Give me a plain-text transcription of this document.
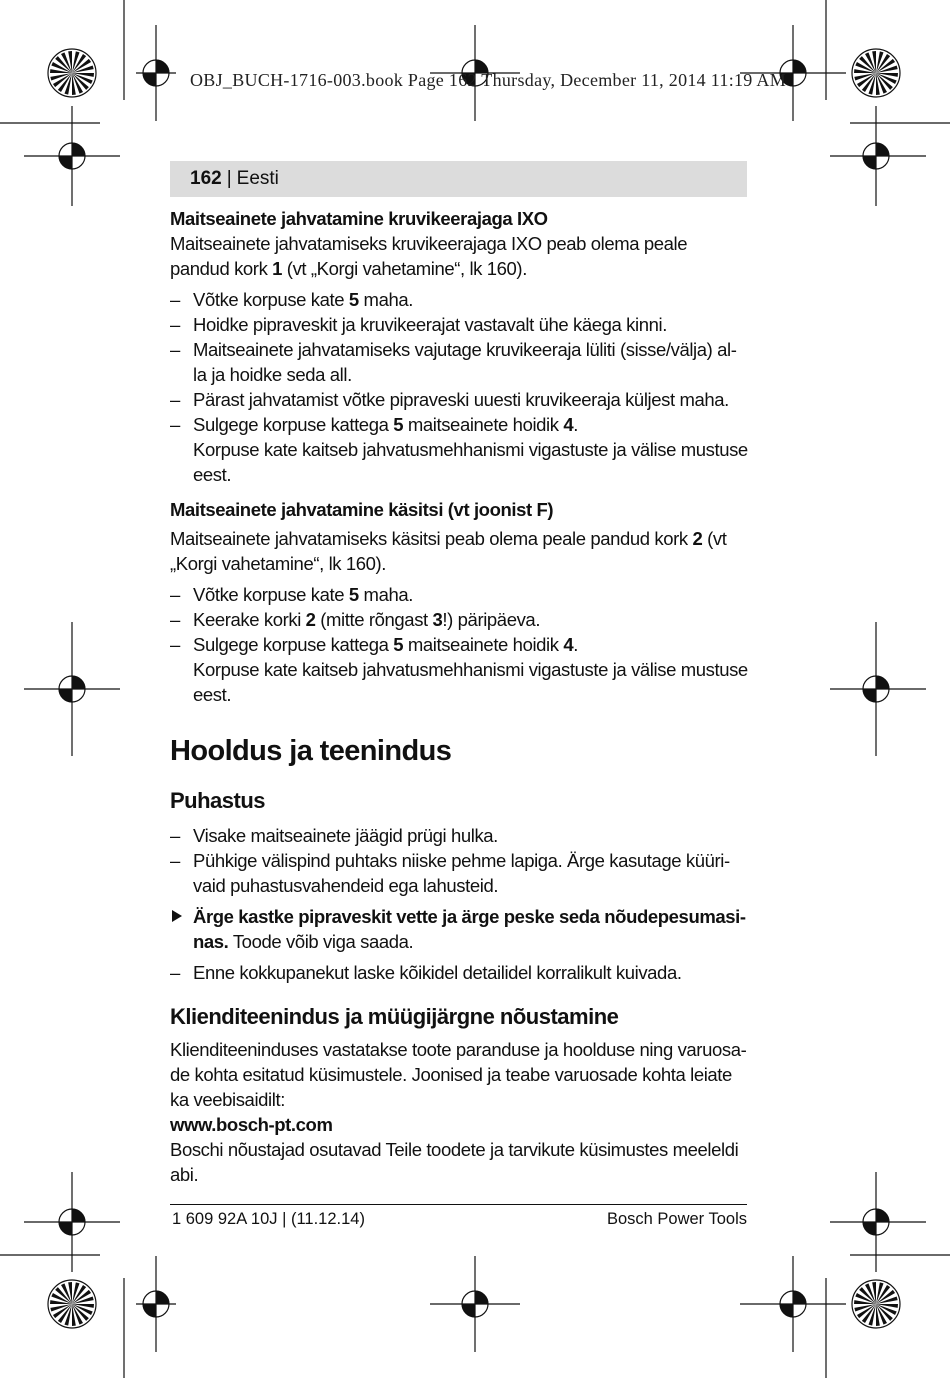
OBJ_BUCH-1716-003.book Page 162 Thursday, December 11, 2014 11:19 AM
162 | Eesti

Maitseainete jahvatamine kruvikeerajaga IXO

Maitseainete jahvatamiseks kruvikeerajaga IXO peab olema peale pandud kork 1 (vt „Korgi vahetamine“, lk 160).

– Võtke korpuse kate 5 maha.
– Hoidke pipraveskit ja kruvikeerajat vastavalt ühe käega kinni.
– Maitseainete jahvatamiseks vajutage kruvikeeraja lüliti (sisse/välja) al-la ja hoidke seda all.
– Pärast jahvatamist võtke pipraveski uuesti kruvikeeraja küljest maha.
– Sulgege korpuse kattega 5 maitseainete hoidik 4.
Korpuse kate kaitseb jahvatusmehhanismi vigastuste ja välise mustuse eest.

Maitseainete jahvatamine käsitsi (vt joonist F)

Maitseainete jahvatamiseks käsitsi peab olema peale pandud kork 2 (vt „Korgi vahetamine“, lk 160).

– Võtke korpuse kate 5 maha.
– Keerake korki 2 (mitte rõngast 3!) päripäeva.
– Sulgege korpuse kattega 5 maitseainete hoidik 4.
Korpuse kate kaitseb jahvatusmehhanismi vigastuste ja välise mustuse eest.

Hooldus ja teenindus

Puhastus

– Visake maitseainete jäägid prügi hulka.
– Pühkige välispind puhtaks niiske pehme lapiga. Ärge kasutage küüri-vaid puhastusvahendeid ega lahusteid.
Ärge kastke pipraveskit vette ja ärge peske seda nõudepesumasi-nas. Toode võib viga saada.
– Enne kokkupanekut laske kõikidel detailidel korralikult kuivada.

Klienditeenindus ja müügijärgne nõustamine

Klienditeeninduses vastatakse toote paranduse ja hoolduse ning varuosa-de kohta esitatud küsimustele. Joonised ja teabe varuosade kohta leiate ka veebisaidilt:

www.bosch-pt.com

Boschi nõustajad osutavad Teile toodete ja tarvikute küsimustes meeleldi abi.

1 609 92A 10J | (11.12.14)	Bosch Power Tools
